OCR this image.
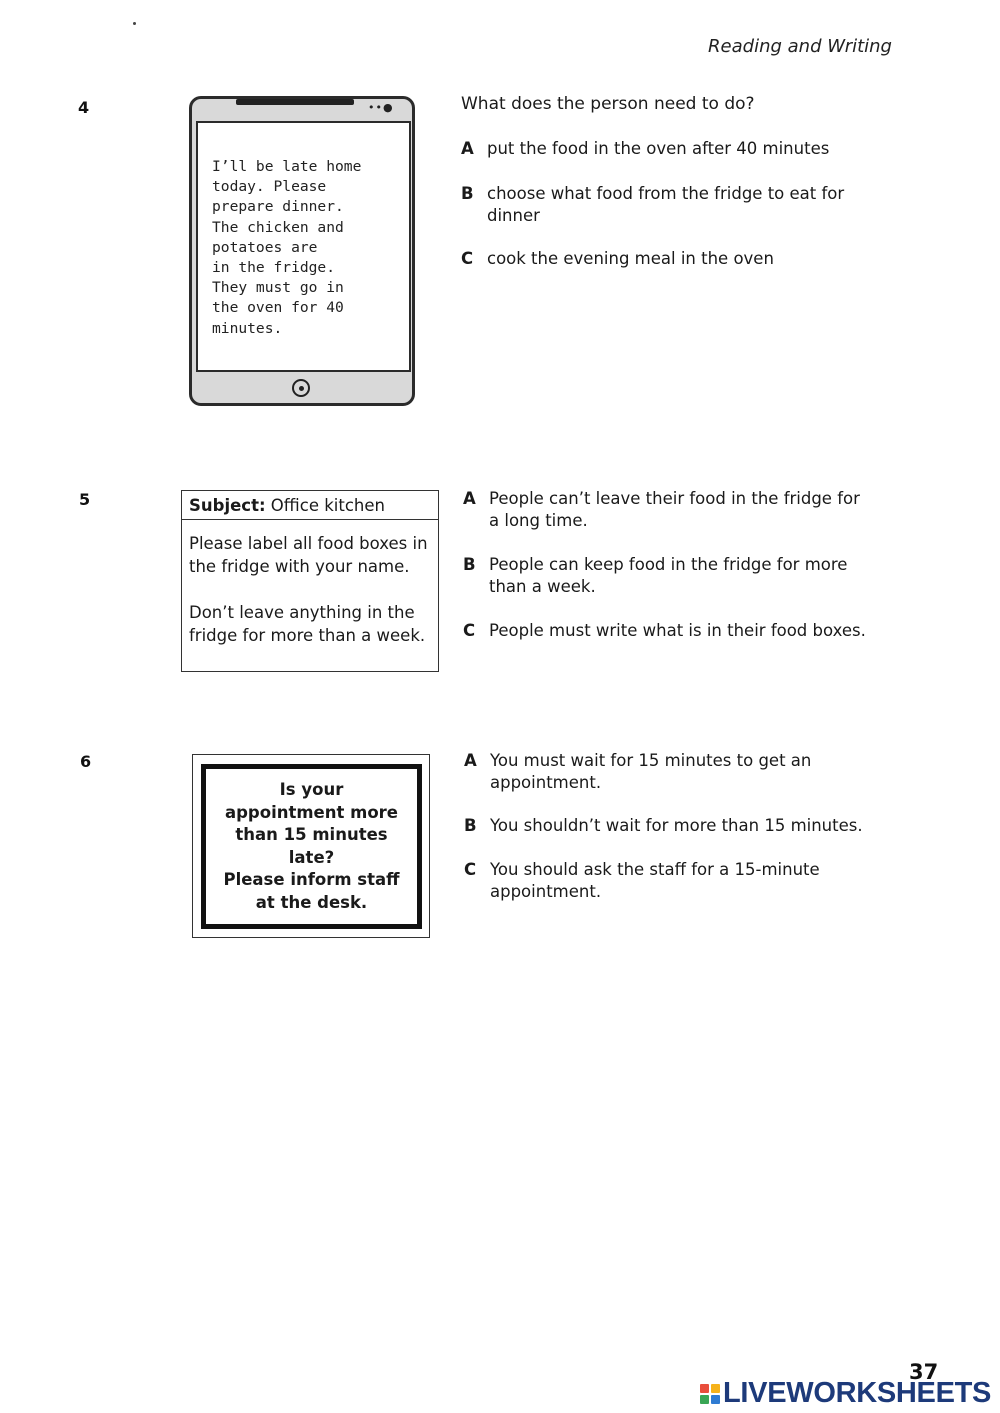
Reading and Writing
4	••●
I’ll be late home
today. Please
prepare dinner.
The chicken and
potatoes are
in the fridge.
They must go in
the oven for 40
minutes.
What does the person need to do?
A put the food in the oven after 40 minutes
B choose what food from the fridge to eat for dinner
C cook the evening meal in the oven
5	Subject: Office kitchen
Please label all food boxes in the fridge with your name.
Don’t leave anything in the fridge for more than a week.
A People can’t leave their food in the fridge for a long time.
B People can keep food in the fridge for more than a week.
C People must write what is in their food boxes.
6
Is your appointment more than 15 minutes late?
Please inform staff at the desk.
A You must wait for 15 minutes to get an appointment.
B You shouldn’t wait for more than 15 minutes.
C You should ask the staff for a 15-minute appointment.
37
LIVEWORKSHEETS
